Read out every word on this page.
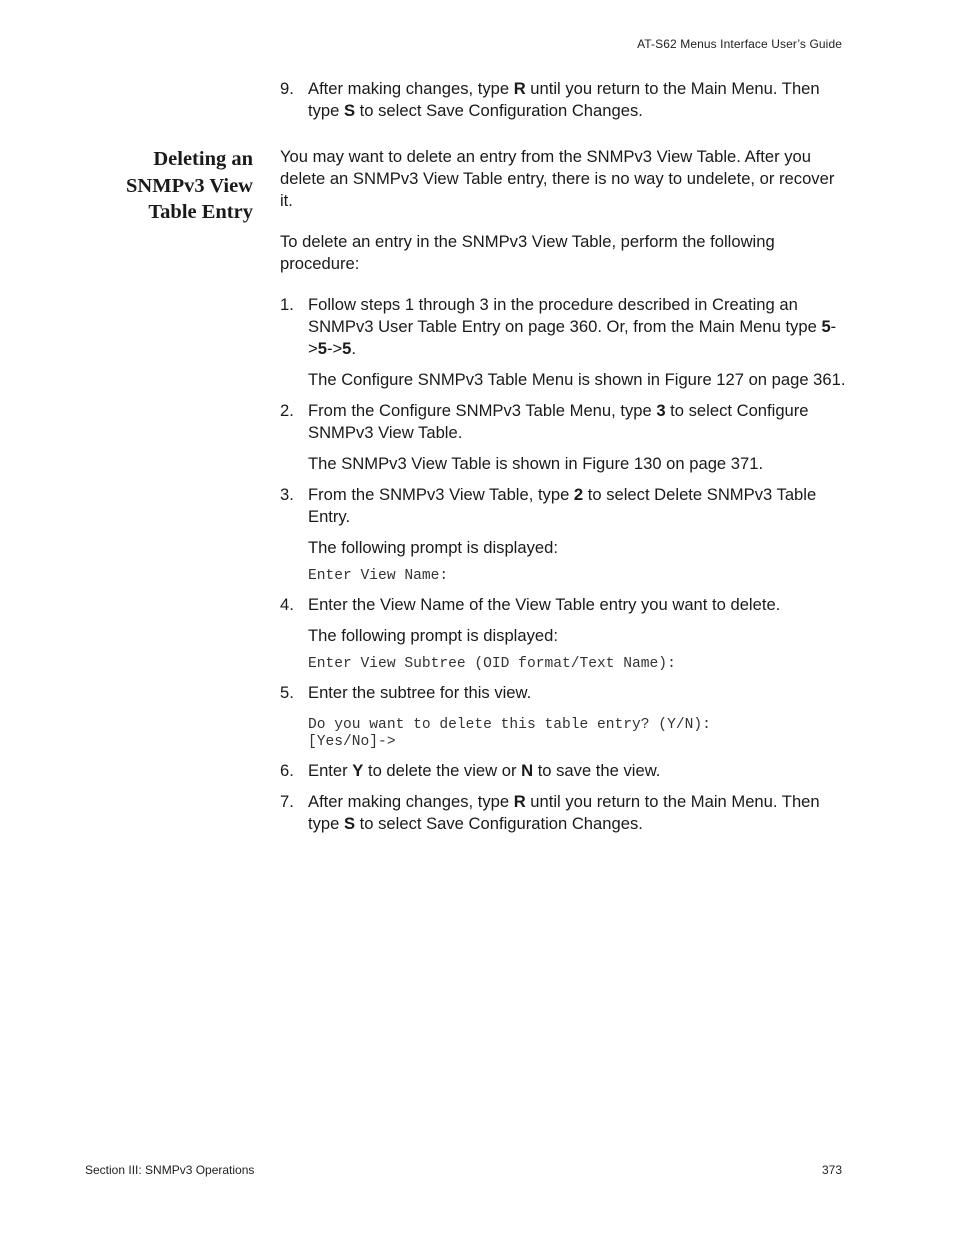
AT-S62 Menus Interface User’s Guide
Deleting an
SNMPv3 View
Table Entry
9. After making changes, type R until you return to the Main Menu. Then type S to select Save Configuration Changes.

You may want to delete an entry from the SNMPv3 View Table. After you delete an SNMPv3 View Table entry, there is no way to undelete, or recover it.

To delete an entry in the SNMPv3 View Table, perform the following procedure:

1. Follow steps 1 through 3 in the procedure described in Creating an SNMPv3 User Table Entry on page 360. Or, from the Main Menu type 5->5->5.

The Configure SNMPv3 Table Menu is shown in Figure 127 on page 361.

2. From the Configure SNMPv3 Table Menu, type 3 to select Configure SNMPv3 View Table.

The SNMPv3 View Table is shown in Figure 130 on page 371.

3. From the SNMPv3 View Table, type 2 to select Delete SNMPv3 Table Entry.

The following prompt is displayed:

Enter View Name:
4. Enter the View Name of the View Table entry you want to delete.

The following prompt is displayed:

Enter View Subtree (OID format/Text Name):
5. Enter the subtree for this view.
Do you want to delete this table entry? (Y/N):
[Yes/No]->
6. Enter Y to delete the view or N to save the view.
7. After making changes, type R until you return to the Main Menu. Then type S to select Save Configuration Changes.
Section III: SNMPv3 Operations	373
